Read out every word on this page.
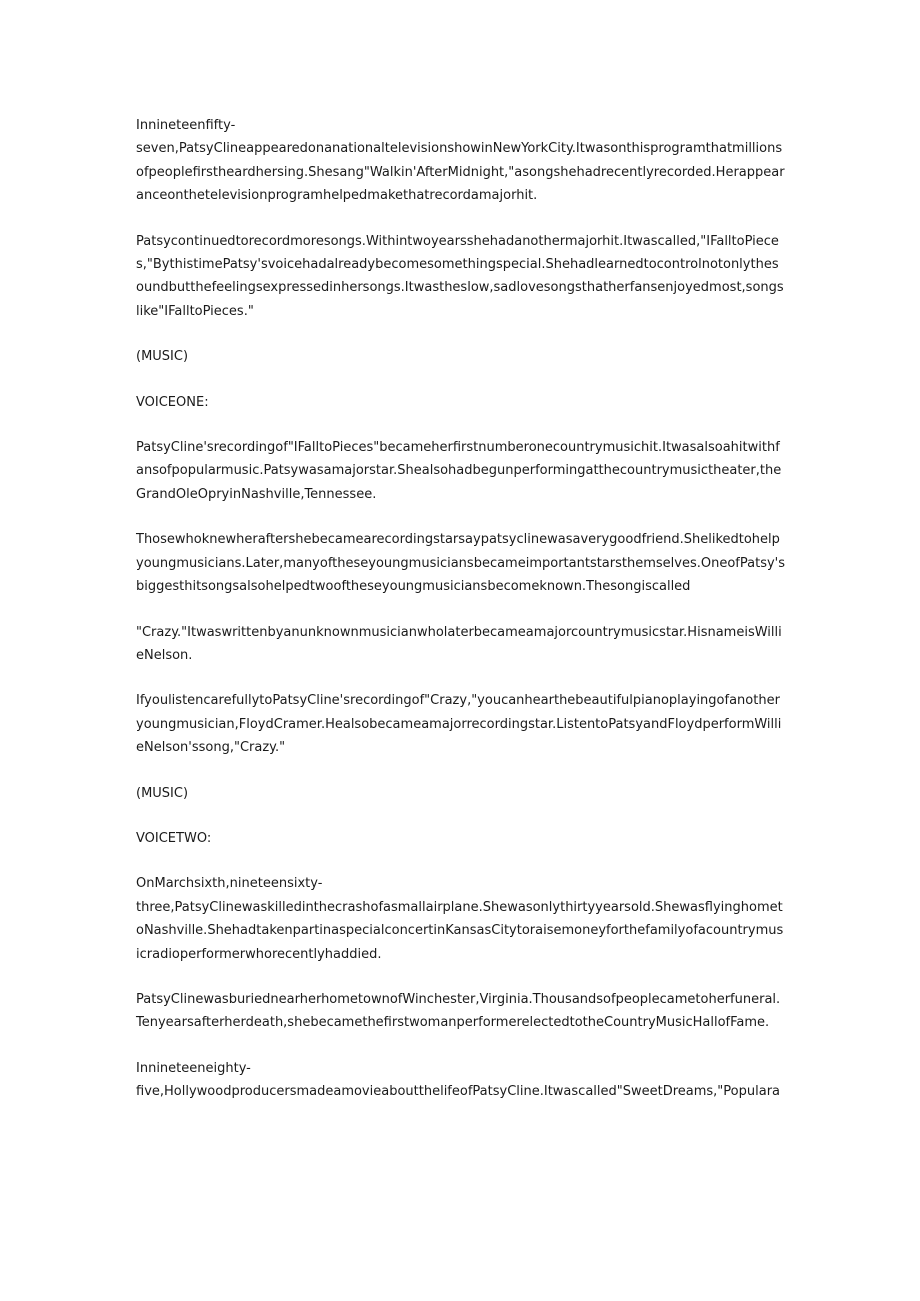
Innineteenfifty-
seven,PatsyClineappearedonanationaltelevisionshowinNewYorkCity.Itwasonthisprogramthatmillionsofpeoplefirstheardhersing.Shesang"Walkin'AfterMidnight,"asongshehadrecentlyrecorded.Herappearanceonthetelevisionprogramhelpedmakethatrecordamajorhit.

Patsycontinuedtorecordmoresongs.Withintwoyearsshehadanothermajorhit.Itwascalled,"IFalltoPieces,"BythistimePatsy'svoicehadalreadybecomesomethingspecial.Shehadlearnedtocontrolnotonlythesoundbutthefeelingsexpressedinhersongs.Itwastheslow,sadlovesongsthatherfansenjoyedmost,songslike"IFalltoPieces."

(MUSIC)

VOICEONE:

PatsyCline'srecordingof"IFalltoPieces"becameherfirstnumberonecountrymusichit.Itwasalsoahitwithfansofpopularmusic.Patsywasamajorstar.Shealsohadbegunperformingatthecountrymusictheater,theGrandOleOpryinNashville,Tennessee.

Thosewhoknewheraftershebecamearecordingstarsaypatsyclinewasaverygoodfriend.Shelikedtohelpyoungmusicians.Later,manyoftheseyoungmusiciansbecameimportantstarsthemselves.OneofPatsy'sbiggesthitsongsalsohelpedtwooftheseyoungmusiciansbecomeknown.Thesongiscalled

"Crazy."Itwaswrittenbyanunknownmusicianwholaterbecameamajorcountrymusicstar.HisnameisWillieNelson.

IfyoulistencarefullytoPatsyCline'srecordingof"Crazy,"youcanhearthebeautifulpianoplayingofanotheryoungmusician,FloydCramer.Healsobecameamajorrecordingstar.ListentoPatsyandFloydperformWillieNelson'ssong,"Crazy."

(MUSIC)

VOICETWO:

OnMarchsixth,nineteensixty-
three,PatsyClinewaskilledinthecrashofasmallairplane.Shewasonlythirtyyearsold.ShewasflyinghometoNashville.ShehadtakenpartinaspecialconcertinKansasCitytoraisemoneyforthefamilyofacountrymusicradioperformerwhorecentlyhaddied.

PatsyClinewasburiednearherhometownofWinchester,Virginia.Thousandsofpeoplecametoherfuneral.Tenyearsafterherdeath,shebecamethefirstwomanperformerelectedtotheCountryMusicHallofFame.

Innineteeneighty-
five,HollywoodproducersmadeamovieaboutthelifeofPatsyCline.Itwascalled"SweetDreams,"Populara
